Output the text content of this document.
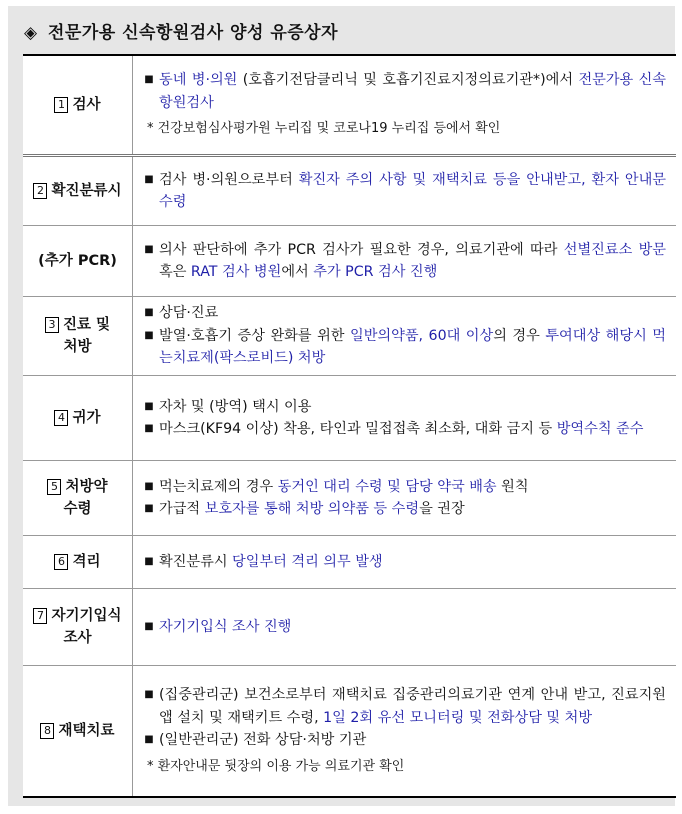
◈ 전문가용 신속항원검사 양성 유증상자
1 검사
■ 동네 병·의원 (호흡기전담클리닉 및 호흡기진료지정의료기관*)에서 전문가용 신속항원검사
* 건강보험심사평가원 누리집 및 코로나19 누리집 등에서 확인
2 확진분류시
■ 검사 병·의원으로부터 확진자 주의 사항 및 재택치료 등을 안내받고, 환자 안내문 수령
(추가 PCR)
■ 의사 판단하에 추가 PCR 검사가 필요한 경우, 의료기관에 따라 선별진료소 방문 혹은 RAT 검사 병원에서 추가 PCR 검사 진행
3 진료 및
처방
■ 상담·진료
■ 발열·호흡기 증상 완화를 위한 일반의약품, 60대 이상의 경우 투여대상 해당시 먹는치료제(팍스로비드) 처방
4 귀가
■ 자차 및 (방역) 택시 이용
■ 마스크(KF94 이상) 착용, 타인과 밀접접촉 최소화, 대화 금지 등 방역수칙 준수
5 처방약
수령
■ 먹는치료제의 경우 동거인 대리 수령 및 담당 약국 배송 원칙
■ 가급적 보호자를 통해 처방 의약품 등 수령을 권장
6 격리	■ 확진분류시 당일부터 격리 의무 발생
7 자기기입식
조사
■ 자기기입식 조사 진행
8 재택치료
■ (집중관리군) 보건소로부터 재택치료 집중관리의료기관 연계 안내 받고, 진료지원앱 설치 및 재택키트 수령, 1일 2회 유선 모니터링 및 전화상담 및 처방
■ (일반관리군) 전화 상담·처방 기관
* 환자안내문 뒷장의 이용 가능 의료기관 확인
